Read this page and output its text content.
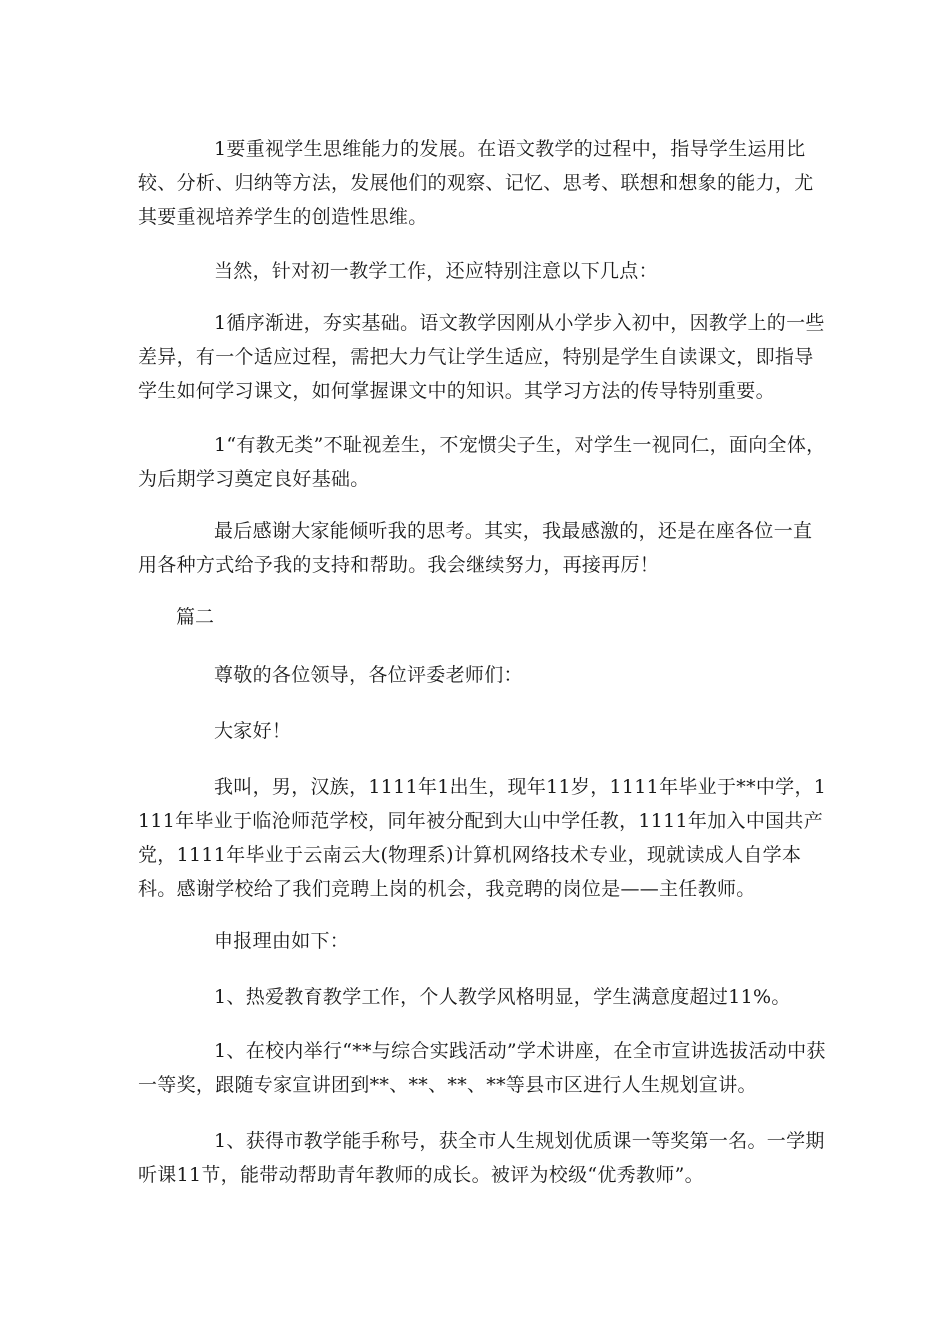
1要重视学生思维能力的发展。在语文教学的过程中，指导学生运用比较、分析、归纳等方法，发展他们的观察、记忆、思考、联想和想象的能力，尤其要重视培养学生的创造性思维。

当然，针对初一教学工作，还应特别注意以下几点：

1循序渐进，夯实基础。语文教学因刚从小学步入初中，因教学上的一些差异，有一个适应过程，需把大力气让学生适应，特别是学生自读课文，即指导学生如何学习课文，如何掌握课文中的知识。其学习方法的传导特别重要。

1“有教无类”不耻视差生，不宠惯尖子生，对学生一视同仁，面向全体，为后期学习奠定良好基础。

最后感谢大家能倾听我的思考。其实，我最感激的，还是在座各位一直用各种方式给予我的支持和帮助。我会继续努力，再接再厉！

篇二

尊敬的各位领导，各位评委老师们：

大家好！

我叫，男，汉族，1111年1出生，现年11岁，1111年毕业于**中学，1111年毕业于临沧师范学校，同年被分配到大山中学任教，1111年加入中国共产党，1111年毕业于云南云大(物理系)计算机网络技术专业，现就读成人自学本科。感谢学校给了我们竞聘上岗的机会，我竞聘的岗位是——主任教师。

申报理由如下：

1、热爱教育教学工作，个人教学风格明显，学生满意度超过11%。

1、在校内举行“**与综合实践活动”学术讲座，在全市宣讲选拔活动中获一等奖，跟随专家宣讲团到**、**、**、**等县市区进行人生规划宣讲。

1、获得市教学能手称号，获全市人生规划优质课一等奖第一名。一学期听课11节，能带动帮助青年教师的成长。被评为校级“优秀教师”。
